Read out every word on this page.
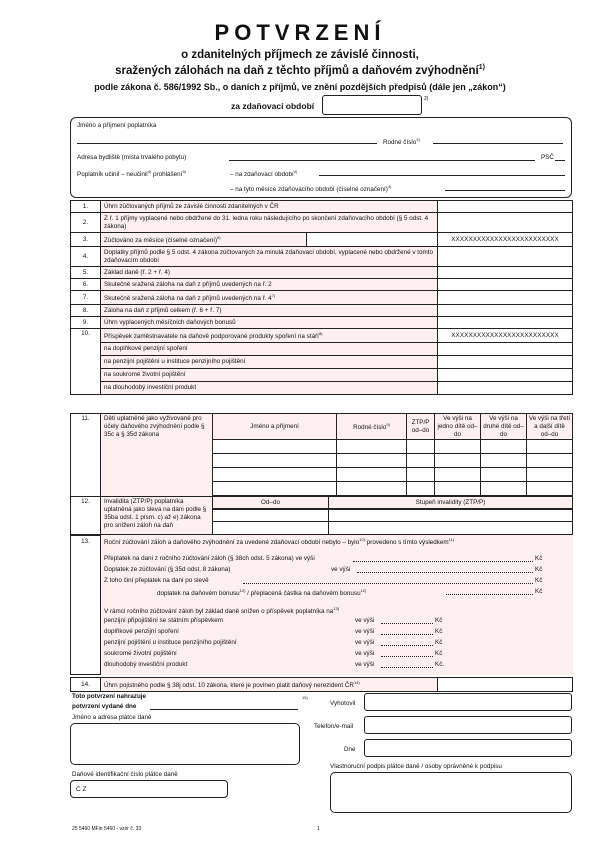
POTVRZENÍ
o zdanitelných příjmech ze závislé činnosti,
sražených zálohách na daň z těchto příjmů a daňovém zvýhodnění$^{1)}$
podle zákona č. 586/1992 Sb., o daních z příjmů, ve znění pozdějších předpisů (dále jen „zákon“)
za zdaňovací období
2)
Jméno a příjmení poplatníka
Rodné číslo$^{3)}$
Adresa bydliště (místa trvalého pobytu)	PSČ
Poplatník učinil – neučinil$^{4)}$ prohlášení$^{5)}$	– na zdaňovací období$^{4)}$
– na tyto měsíce zdaňovacího období (číselné označení)$^{4)}$
1.	Úhrn zúčtovaných příjmů ze závislé činnosti zdanitelných v ČR		
2.	Z ř. 1 příjmy vyplacené nebo obdržené do 31. ledna roku následujícího po skončení zdaňovacího období (§ 5 odst. 4 zákona)		
3.	Zúčtováno za měsíce (číselné označení)$^{6)}$		XXXXXXXXXXXXXXXXXXXXXXXXX
4.	Doplatky příjmů podle § 5 odst. 4 zákona zúčtovaných za minulá zdaňovací období, vyplacené nebo obdržené v tomto zdaňovacím období		
5.	Základ daně (ř. 2 + ř. 4)		
6.	Skutečně sražená záloha na daň z příjmů uvedených na ř. 2		
7.	Skutečně sražená záloha na daň z příjmů uvedených na ř. 4$^{7)}$	
8.	Záloha na daň z příjmů celkem (ř. 6 + ř. 7)		
9.	Úhrn vyplacených měsíčních daňových bonusů		
10.	Příspěvek zaměstnavatele na daňově podporované produkty spoření na stáří$^{8)}$		XXXXXXXXXXXXXXXXXXXXXXXXX
	na doplňkové penzijní spoření		
	na penzijní pojištění u instituce penzijního pojištění		
	na soukromé životní pojištění		
	na dlouhodobý investiční produkt		
11.	Děti uplatněné jako vyživované pro účely daňového zvýhodnění podle § 35c a § 35d zákona	Jméno a příjmení	Rodné číslo$^{9)}$	ZTP/P od–do	Ve výši na jedno dítě od–do	Ve výši na druhé dítě od–do	Ve výši na třetí a další dítě od–do

12.	Invalidita (ZTP/P) poplatníka uplatněná jako sleva na dani podle § 35ba odst. 1 písm. c) až e) zákona pro snížení záloh na daň	Od–do	Stupeň invalidity (ZTP/P)

13.	Roční zúčtování záloh a daňového zvýhodnění za uvedené zdaňovací období nebylo – bylo$^{10)}$ provedeno s tímto výsledkem$^{11)}$
Přeplatek na dani z ročního zúčtování záloh (§ 38ch odst. 5 zákona) ve výši	Kč
Doplatek ze zúčtování (§ 35d odst. 8 zákona)	ve výši	Kč
Z toho činí přeplatek na dani po slevě	Kč
doplatek na daňovém bonusu$^{12)}$ / přeplacená částka na daňovém bonusu$^{12)}$	Kč
V rámci ročního zúčtování záloh byl základ daně snížen o příspěvek poplatníka $na^{13)}$
penzijní připojištění se státním příspěvkem	ve výši	Kč
doplňkové penzijní spoření	ve výši	Kč
penzijní pojištění u instituce penzijního pojištění	ve výši	Kč
soukromé životní pojištění	ve výši	Kč
dlouhodobý investiční produkt	ve výši	Kč.
14.	Úhrn pojistného podle § 38j odst. 10 zákona, které je povinen platit daňový nerezident ČR$^{14)}$	
Toto potvrzení nahrazuje
potvrzení vydané dne
15)
Jméno a adresa plátce daně
Daňové identifikační číslo plátce daně
C Z
Vyhotovil
Telefon/e-mail
Dne
Vlastnoruční podpis plátce daně / osoby oprávněné k podpisu
25 5460 MFin 5460 - vzor č. 33	1
